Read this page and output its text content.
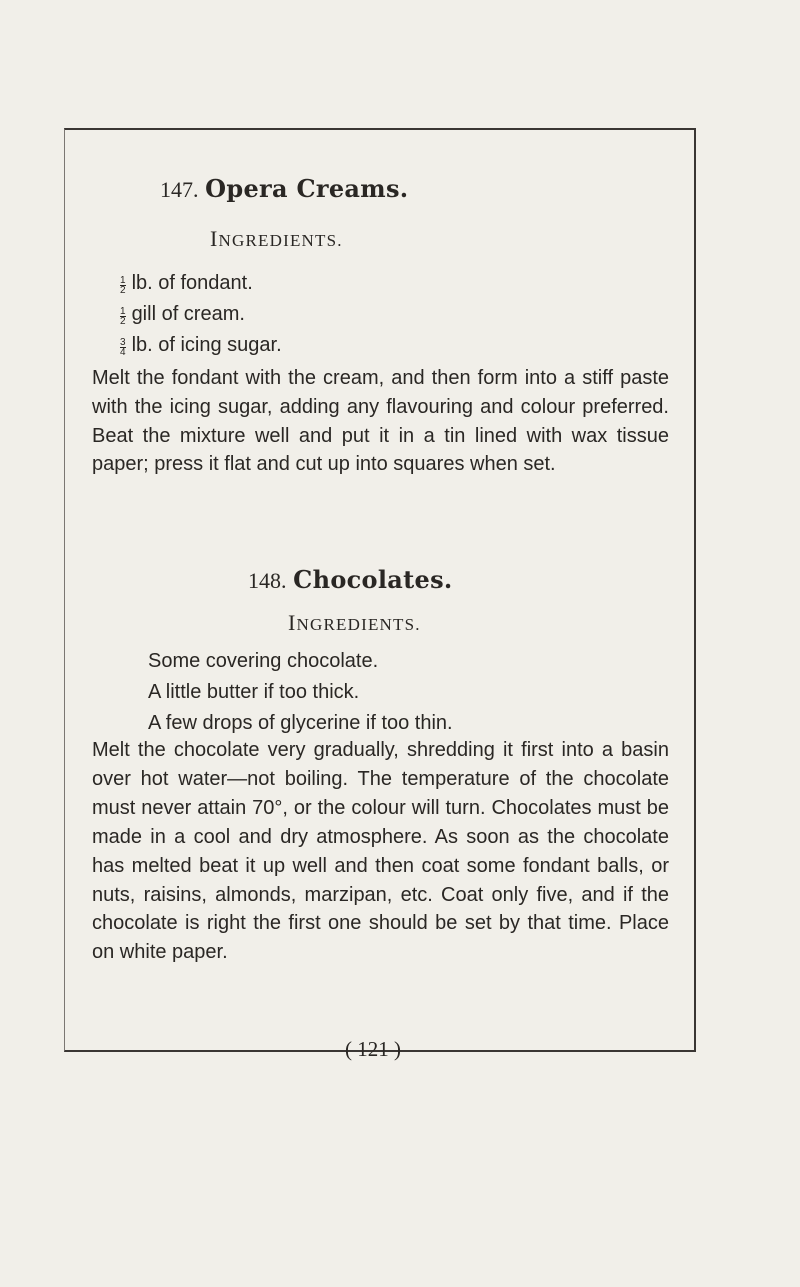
147. Opera Creams.
INGREDIENTS.
$\frac{1}{2}$ lb. of fondant.
$\frac{1}{2}$ gill of cream.
$\frac{3}{4}$ lb. of icing sugar.

Melt the fondant with the cream, and then form into a stiff paste with the icing sugar, adding any flavouring and colour preferred. Beat the mixture well and put it in a tin lined with wax tissue paper; press it flat and cut up into squares when set.

148. Chocolates.
INGREDIENTS.
Some covering chocolate.
A little butter if too thick.
A few drops of glycerine if too thin.

Melt the chocolate very gradually, shredding it first into a basin over hot water—not boiling. The temperature of the chocolate must never attain 70°, or the colour will turn. Chocolates must be made in a cool and dry atmosphere. As soon as the chocolate has melted beat it up well and then coat some fondant balls, or nuts, raisins, almonds, marzipan, etc. Coat only five, and if the chocolate is right the first one should be set by that time. Place on white paper.

( 121 )
